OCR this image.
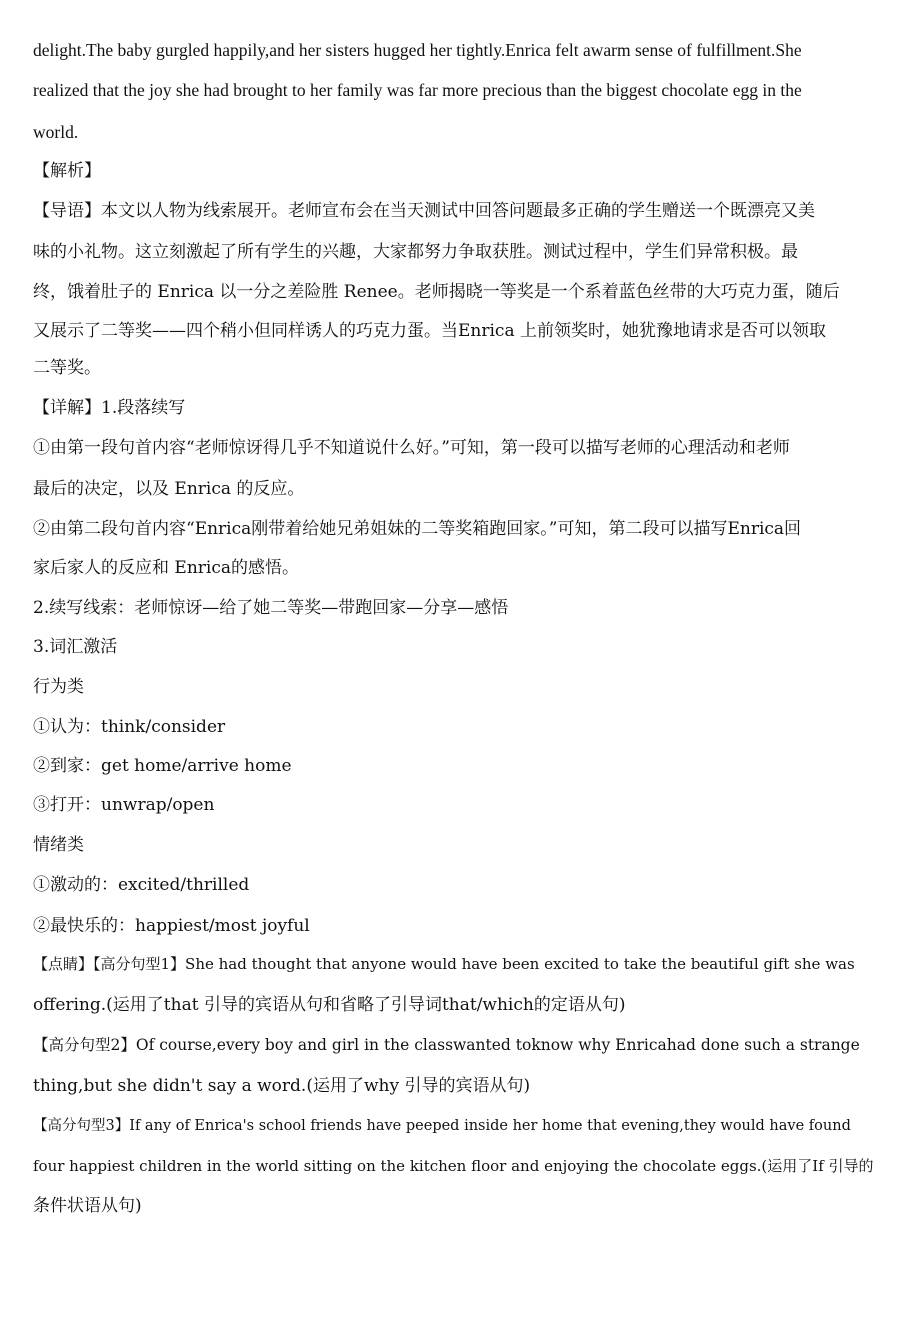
delight.The baby gurgled happily,and her sisters hugged her tightly.Enrica felt awarm sense of fulfillment.She
realized that the joy she had brought to her family was far more precious than the biggest chocolate egg in the
world.
【解析】
【导语】本文以人物为线索展开。老师宣布会在当天测试中回答问题最多正确的学生赠送一个既漂亮又美
味的小礼物。这立刻激起了所有学生的兴趣，大家都努力争取获胜。测试过程中，学生们异常积极。最
终，饿着肚子的 Enrica 以一分之差险胜 Renee。老师揭晓一等奖是一个系着蓝色丝带的大巧克力蛋，随后
又展示了二等奖——四个稍小但同样诱人的巧克力蛋。当Enrica 上前领奖时，她犹豫地请求是否可以领取
二等奖。
【详解】1.段落续写
①由第一段句首内容“老师惊讶得几乎不知道说什么好。”可知，第一段可以描写老师的心理活动和老师
最后的决定，以及 Enrica 的反应。
②由第二段句首内容“Enrica刚带着给她兄弟姐妹的二等奖箱跑回家。”可知，第二段可以描写Enrica回
家后家人的反应和 Enrica的感悟。
2.续写线索：老师惊讶—给了她二等奖—带跑回家—分享—感悟
3.词汇激活
行为类
①认为：think/consider
②到家：get home/arrive home
③打开：unwrap/open
情绪类
①激动的：excited/thrilled
②最快乐的：happiest/most joyful
【点睛】【高分句型1】She had thought that anyone would have been excited to take the beautiful gift she was
offering.(运用了that 引导的宾语从句和省略了引导词that/which的定语从句)
【高分句型2】Of course,every boy and girl in the classwanted toknow why Enricahad done such a strange
thing,but she didn't say a word.(运用了why 引导的宾语从句)
【高分句型3】If any of Enrica's school friends have peeped inside her home that evening,they would have found
four happiest children in the world sitting on the kitchen floor and enjoying the chocolate eggs.(运用了If 引导的
条件状语从句)
